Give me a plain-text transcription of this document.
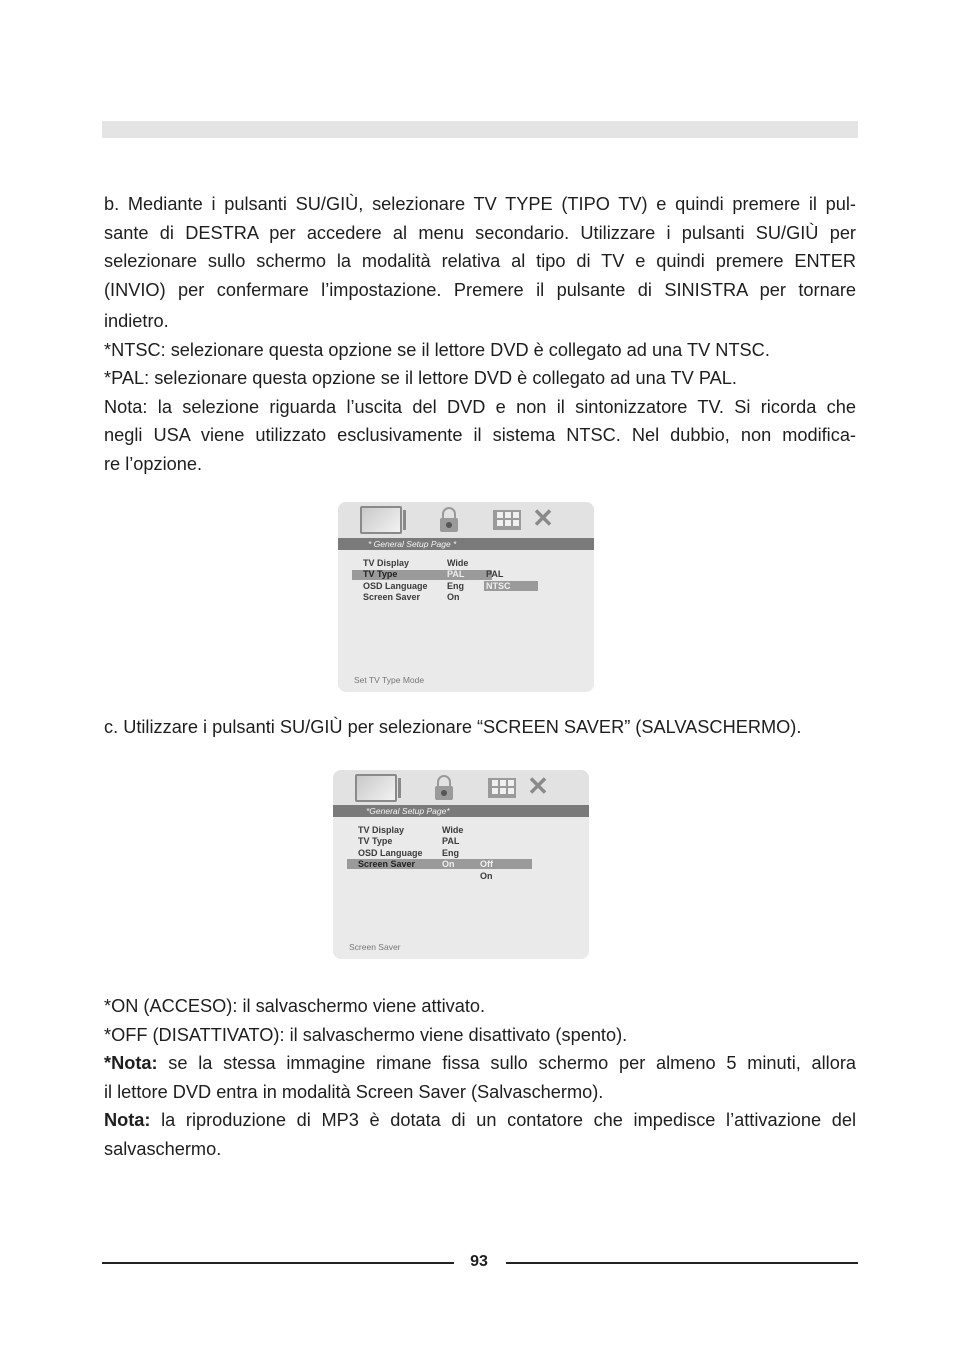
b. Mediante i pulsanti SU/GIÙ, selezionare TV TYPE (TIPO TV) e quindi premere il pul-
sante di DESTRA per accedere al menu secondario. Utilizzare i pulsanti SU/GIÙ per
selezionare sullo schermo la modalità relativa al tipo di TV e quindi premere ENTER
(INVIO) per confermare l’impostazione. Premere il pulsante di SINISTRA per tornare
indietro.
*NTSC: selezionare questa opzione se il lettore DVD è collegato ad una TV NTSC.
*PAL: selezionare questa opzione se il lettore DVD è collegato ad una TV PAL.
Nota: la selezione riguarda l’uscita del DVD e non il sintonizzatore TV. Si ricorda che
negli USA viene utilizzato esclusivamente il sistema NTSC. Nel dubbio, non modifica-
re l’opzione.
✕
* General Setup Page *
TV Display	Wide
TV Type	PAL
OSD Language Eng
Screen Saver	On
PAL
NTSC
Set TV Type Mode
c. Utilizzare i pulsanti SU/GIÙ per selezionare “SCREEN SAVER” (SALVASCHERMO).
✕
*General Setup Page*
TV Display	Wide
TV Type	PAL
OSD Language Eng
Screen Saver	On	Off
On
Screen Saver
*ON (ACCESO): il salvaschermo viene attivato.
*OFF (DISATTIVATO): il salvaschermo viene disattivato (spento).
*Nota: se la stessa immagine rimane fissa sullo schermo per almeno 5 minuti, allora
il lettore DVD entra in modalità Screen Saver (Salvaschermo).
Nota: la riproduzione di MP3 è dotata di un contatore che impedisce l’attivazione del
salvaschermo.
93
